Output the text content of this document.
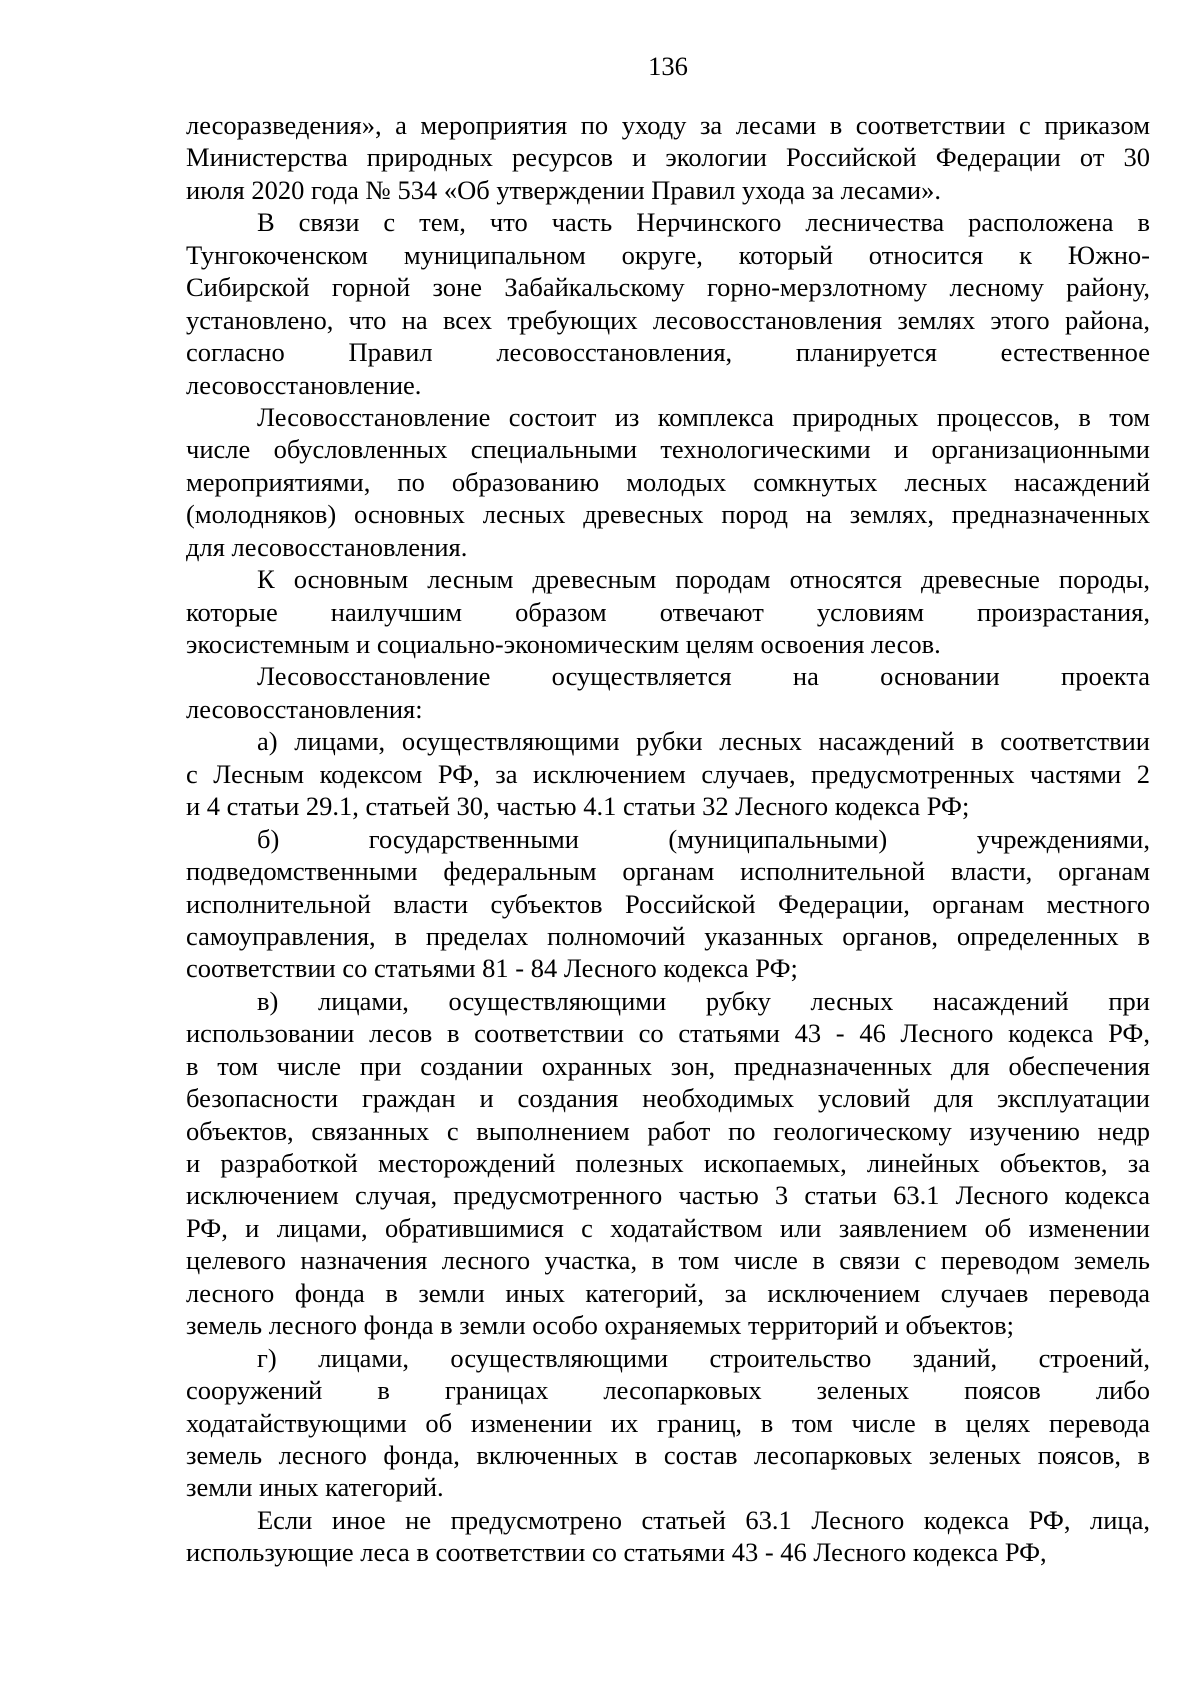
136
лесоразведения», а мероприятия по уходу за лесами в соответствии с приказом
Министерства природных ресурсов и экологии Российской Федерации от 30
июля 2020 года № 534 «Об утверждении Правил ухода за лесами».
В связи с тем, что часть Нерчинского лесничества расположена в
Тунгокоченском муниципальном округе, который относится к Южно-
Сибирской горной зоне Забайкальскому горно-мерзлотному лесному району,
установлено, что на всех требующих лесовосстановления землях этого района,
согласно Правил лесовосстановления, планируется естественное
лесовосстановление.
Лесовосстановление состоит из комплекса природных процессов, в том
числе обусловленных специальными технологическими и организационными
мероприятиями, по образованию молодых сомкнутых лесных насаждений
(молодняков) основных лесных древесных пород на землях, предназначенных
для лесовосстановления.
К основным лесным древесным породам относятся древесные породы,
которые наилучшим образом отвечают условиям произрастания,
экосистемным и социально-экономическим целям освоения лесов.
Лесовосстановление осуществляется на основании проекта
лесовосстановления:
а) лицами, осуществляющими рубки лесных насаждений в соответствии
с Лесным кодексом РФ, за исключением случаев, предусмотренных частями 2
и 4 статьи 29.1, статьей 30, частью 4.1 статьи 32 Лесного кодекса РФ;
б) государственными (муниципальными) учреждениями,
подведомственными федеральным органам исполнительной власти, органам
исполнительной власти субъектов Российской Федерации, органам местного
самоуправления, в пределах полномочий указанных органов, определенных в
соответствии со статьями 81 - 84 Лесного кодекса РФ;
в) лицами, осуществляющими рубку лесных насаждений при
использовании лесов в соответствии со статьями 43 - 46 Лесного кодекса РФ,
в том числе при создании охранных зон, предназначенных для обеспечения
безопасности граждан и создания необходимых условий для эксплуатации
объектов, связанных с выполнением работ по геологическому изучению недр
и разработкой месторождений полезных ископаемых, линейных объектов, за
исключением случая, предусмотренного частью 3 статьи 63.1 Лесного кодекса
РФ, и лицами, обратившимися с ходатайством или заявлением об изменении
целевого назначения лесного участка, в том числе в связи с переводом земель
лесного фонда в земли иных категорий, за исключением случаев перевода
земель лесного фонда в земли особо охраняемых территорий и объектов;
г) лицами, осуществляющими строительство зданий, строений,
сооружений в границах лесопарковых зеленых поясов либо
ходатайствующими об изменении их границ, в том числе в целях перевода
земель лесного фонда, включенных в состав лесопарковых зеленых поясов, в
земли иных категорий.
Если иное не предусмотрено статьей 63.1 Лесного кодекса РФ, лица,
использующие леса в соответствии со статьями 43 - 46 Лесного кодекса РФ,
